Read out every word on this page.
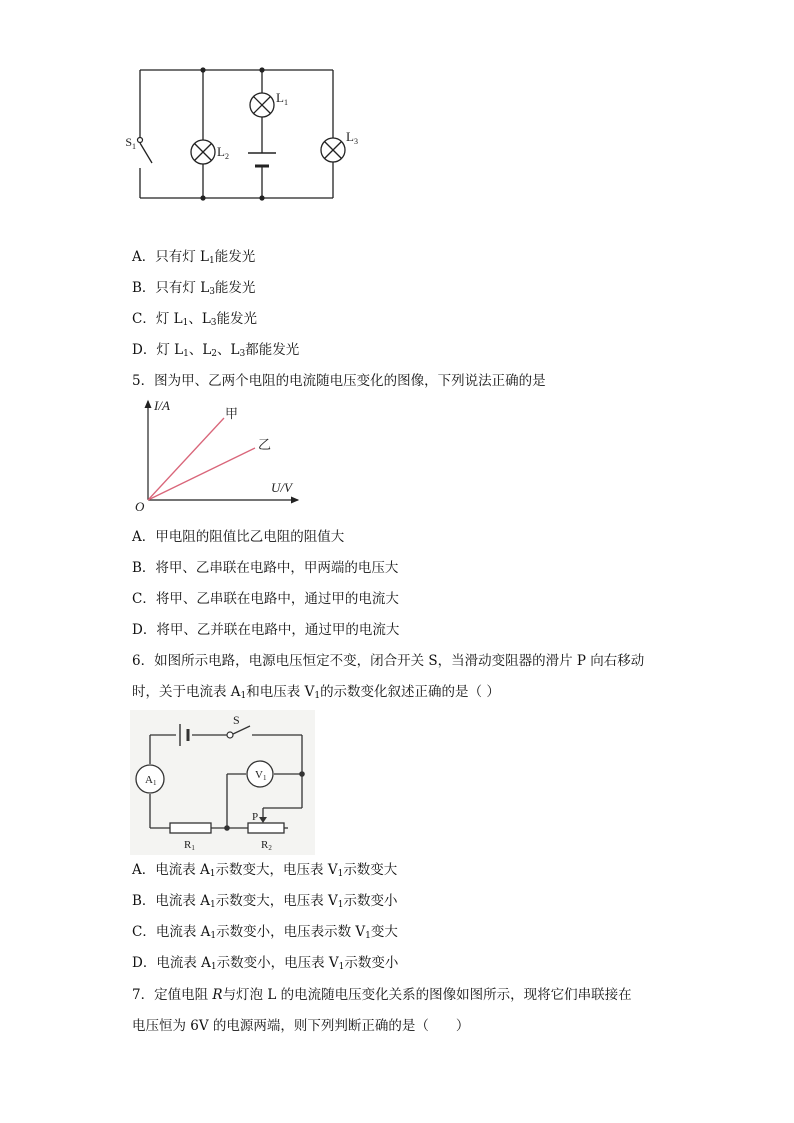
$S_1$	$L_2$
$L_1$
$L_3$
A．只有灯 $L_1$能发光
B．只有灯 $L_3$能发光
C．灯 $L_1$、$L_3$能发光
D．灯 $L_1$、$L_2$、$L_3$都能发光
5．图为甲、乙两个电阻的电流随电压变化的图像，下列说法正确的是
I/A
U/V
O
甲
乙
A．甲电阻的阻值比乙电阻的阻值大
B．将甲、乙串联在电路中，甲两端的电压大
C．将甲、乙串联在电路中，通过甲的电流大
D．将甲、乙并联在电路中，通过甲的电流大
6．如图所示电路，电源电压恒定不变，闭合开关 S，当滑动变阻器的滑片 P 向右移动
时，关于电流表 $A_1$和电压表 $V_1$的示数变化叙述正确的是（ ）
S
A1
V1
R1	R2
P
A．电流表 $A_1$示数变大，电压表 $V_1$示数变大
B．电流表 $A_1$示数变大，电压表 $V_1$示数变小
C．电流表 $A_1$示数变小，电压表示数 $V_1$变大
D．电流表 $A_1$示数变小，电压表 $V_1$示数变小
7．定值电阻 R与灯泡 L 的电流随电压变化关系的图像如图所示，现将它们串联接在
电压恒为 6V 的电源两端，则下列判断正确的是（　　）
